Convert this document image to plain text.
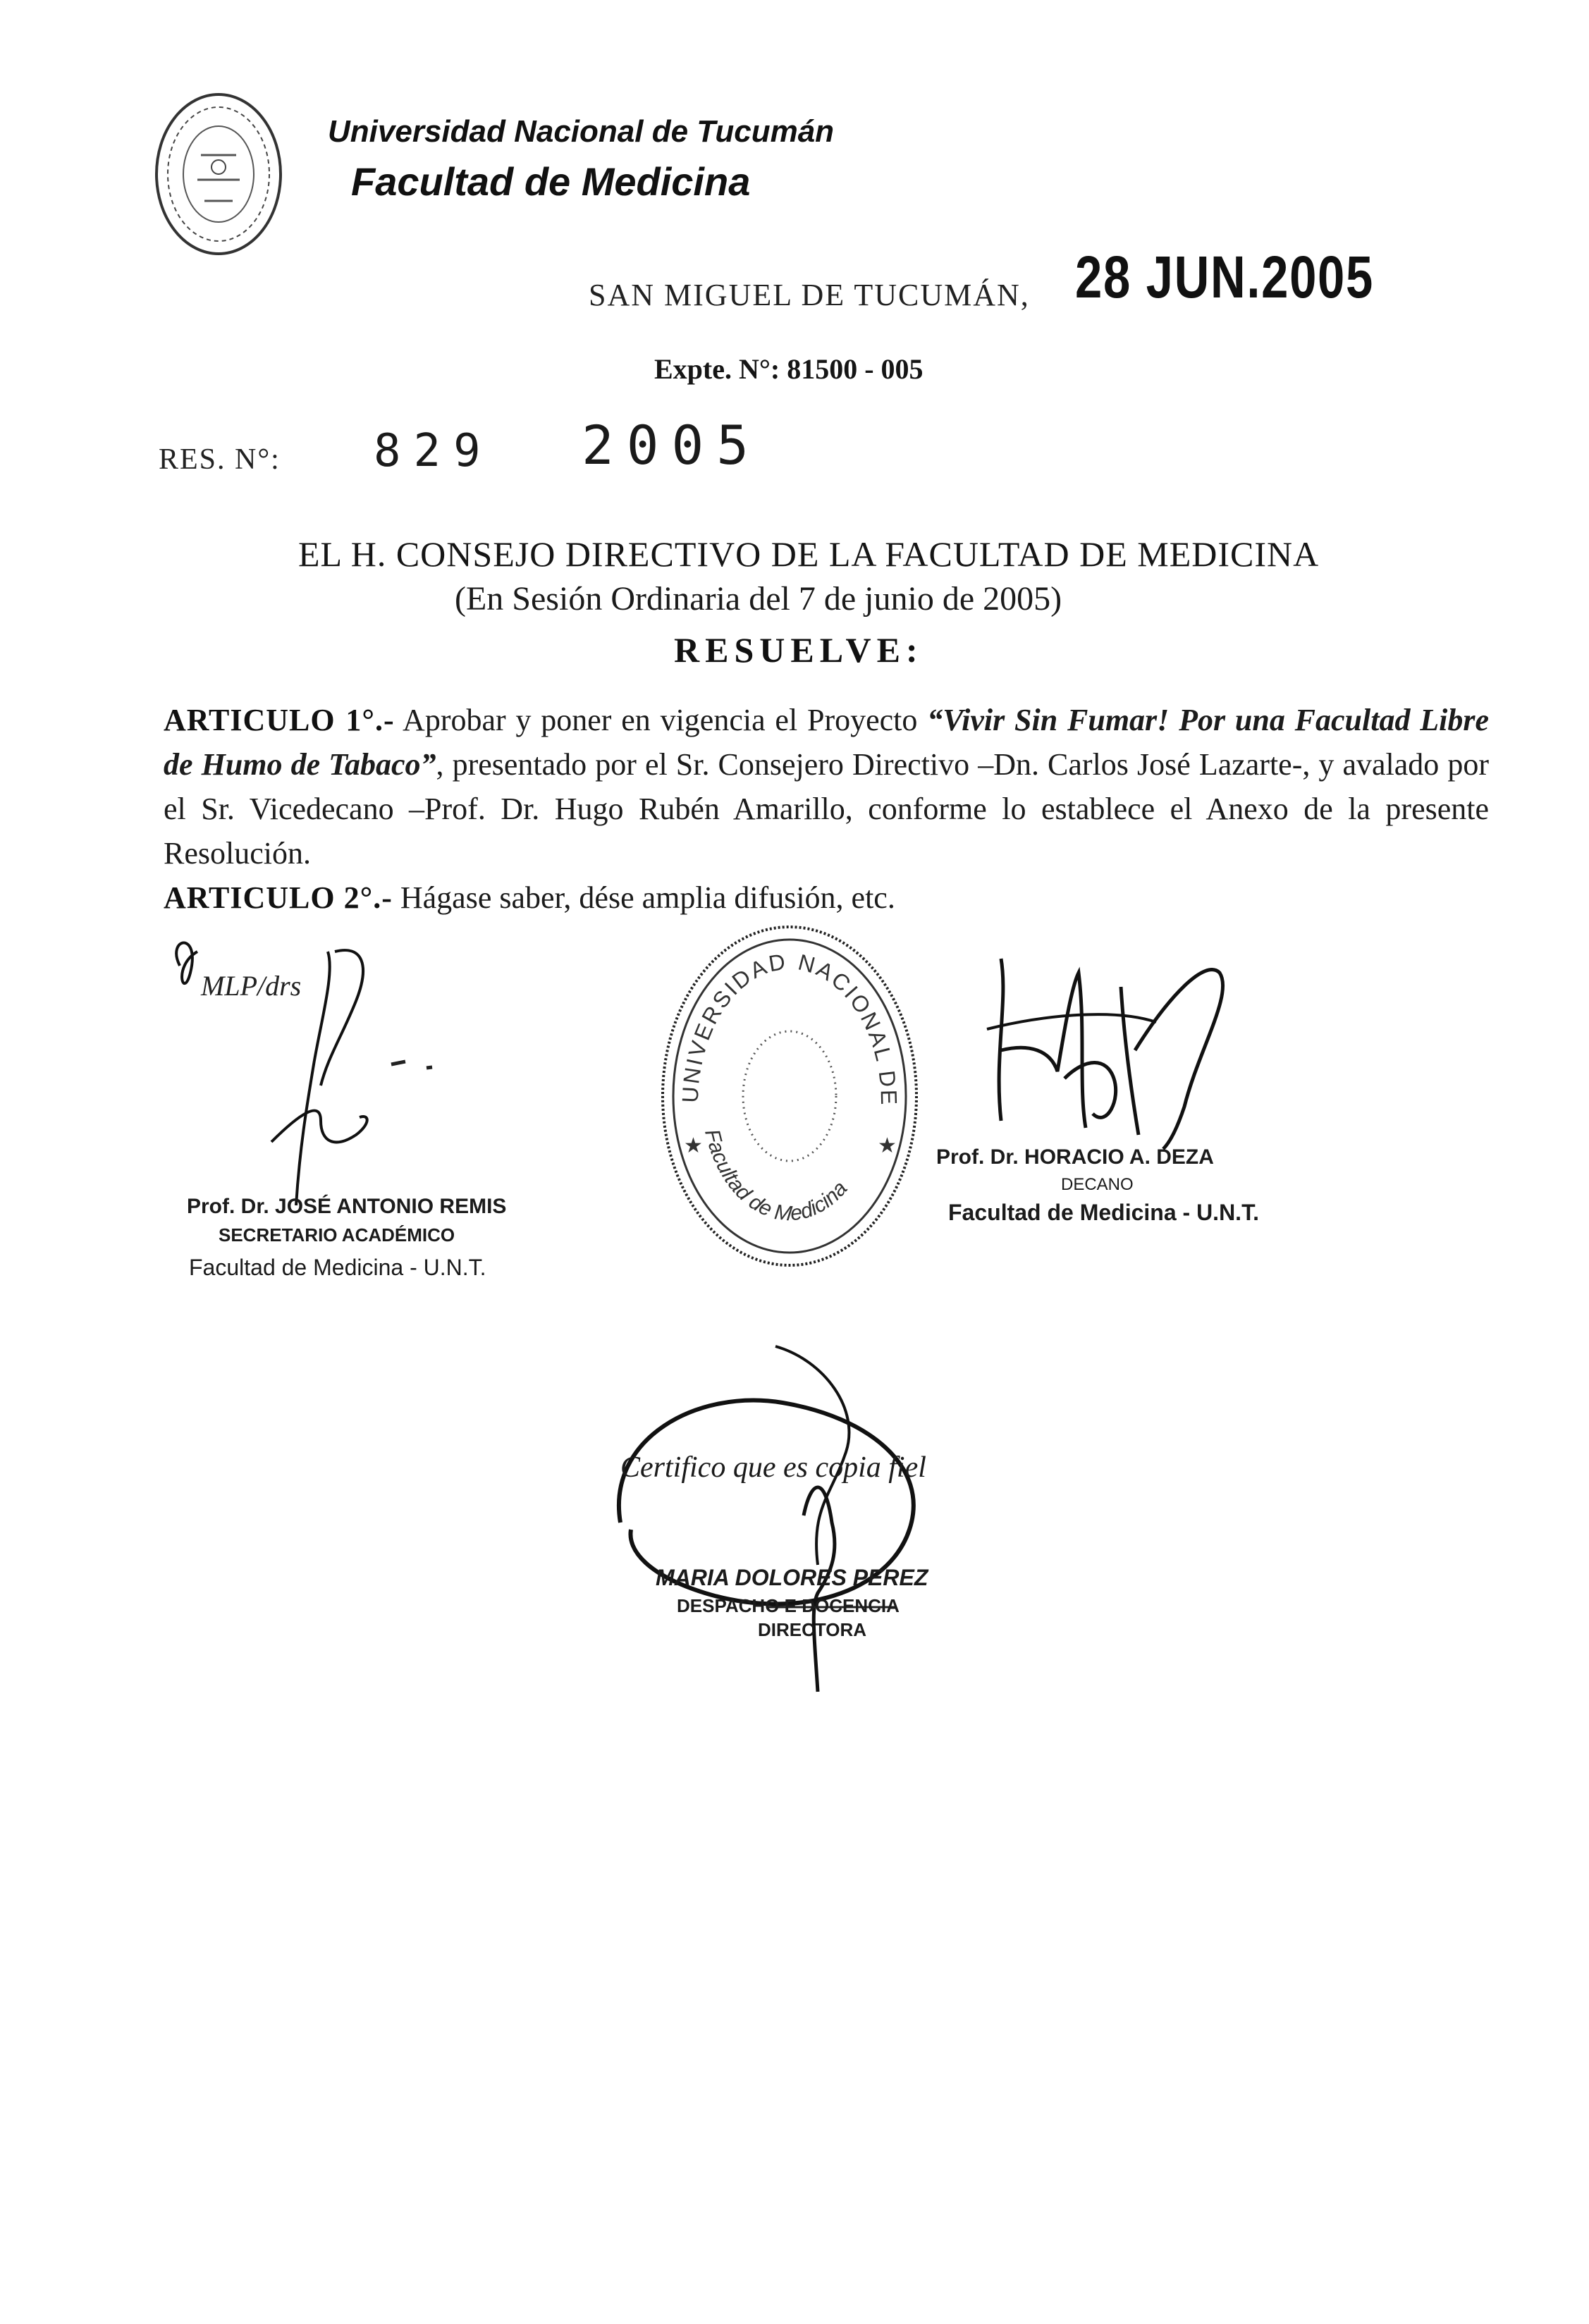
Universidad Nacional de Tucumán
Facultad de Medicina
SAN MIGUEL DE TUCUMÁN, 28 JUN.2005
Expte. N°: 81500 - 005
RES. N°: 829 2005
EL H. CONSEJO DIRECTIVO DE LA FACULTAD DE MEDICINA
(En Sesión Ordinaria del 7 de junio de 2005)
RESUELVE:

ARTICULO 1°.- Aprobar y poner en vigencia el Proyecto “Vivir Sin Fumar! Por una Facultad Libre de Humo de Tabaco”, presentado por el Sr. Consejero Directivo –Dn. Carlos José Lazarte-, y avalado por el Sr. Vicedecano –Prof. Dr. Hugo Rubén Amarillo, conforme lo establece el Anexo de la presente Resolución.

ARTICULO 2°.- Hágase saber, dése amplia difusión, etc.

MLP/drs
Prof. Dr. JOSÉ ANTONIO REMIS
SECRETARIO ACADÉMICO
Facultad de Medicina - U.N.T.
UNIVERSIDAD NACIONAL DE
Facultad de Medicina
★	★ Prof. Dr. HORACIO A. DEZA
DECANO
Facultad de Medicina - U.N.T.
Certifico que es copia fiel
MARIA DOLORES PEREZ
DESPACHO E DOCENCIA
DIRECTORA
